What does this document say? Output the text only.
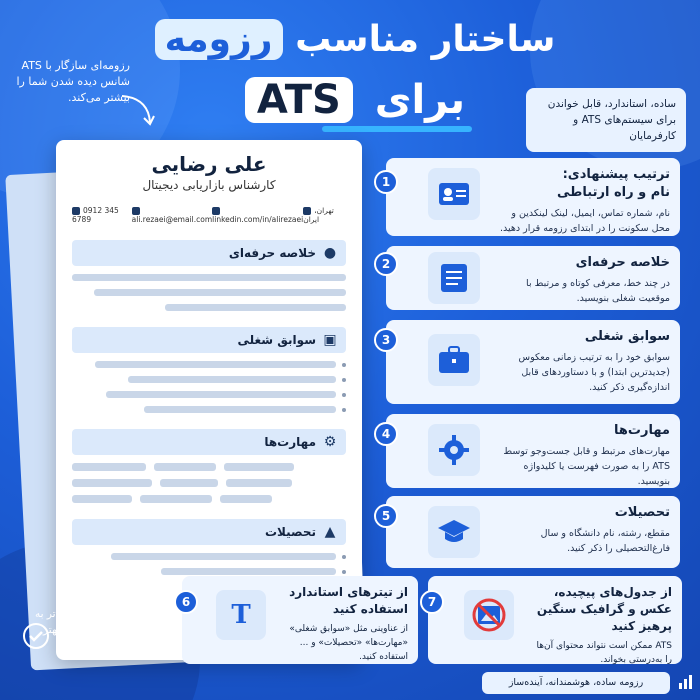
ساختار مناسب رزومه
برای ATS
رزومه‌ای سازگار با ATS شانس دیده شدن شما را بیشتر می‌کند.	ساده، استاندارد، قابل خواندن برای سیستم‌های ATS و کارفرمایان
علی رضایی
کارشناس بازاریابی دیجیتال
0912 345 6789	ali.rezaei@email.com linkedin.com/in/alirezaei
تهران، ایران
●
خلاصه حرفه‌ای
▣
سوابق شغلی
⚙
مهارت‌ها
▲
تحصیلات
1	ترتیب پیشنهادی:
نام و راه ارتباطی
نام، شماره تماس، ایمیل، لینک لینکدین و محل سکونت را در ابتدای رزومه قرار دهید.
2	خلاصه حرفه‌ای
در چند خط، معرفی کوتاه و مرتبط با موقعیت شغلی بنویسید.
3	سوابق شغلی
سوابق خود را به ترتیب زمانی معکوس (جدیدترین ابتدا) و با دستاوردهای قابل اندازه‌گیری ذکر کنید.
4	مهارت‌ها
مهارت‌های مرتبط و قابل جست‌وجو توسط ATS را به صورت فهرست یا کلیدواژه بنویسید.
5	تحصیلات
مقطع، رشته، نام دانشگاه و سال فارغ‌التحصیلی را ذکر کنید.
6	T
از تیترهای استاندارد استفاده کنید
از عناوینی مثل «سوابق شغلی» «مهارت‌ها» «تحصیلات» و ... استفاده کنید.
7
از جدول‌های پیچیده، عکس و گرافیک سنگین پرهیز کنید
ATS ممکن است نتواند محتوای آن‌ها را به‌درستی بخواند.
ساختار درست، قدم بزرگ‌تر به سمت فرصت‌های شغلی بهتر
رزومه ساده، هوشمندانه، آینده‌ساز
